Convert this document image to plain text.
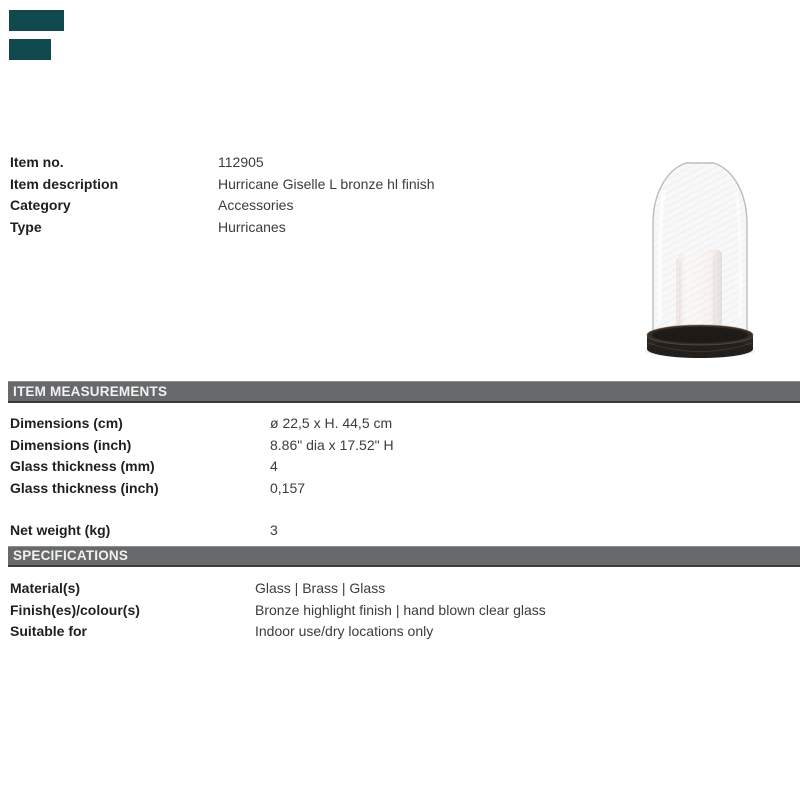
Item no.	112905
Item description	Hurricane Giselle L bronze hl finish
Category	Accessories
Type	Hurricanes
ITEM MEASUREMENTS
Dimensions (cm)	ø 22,5 x H. 44,5 cm
Dimensions (inch)	8.86" dia x 17.52" H
Glass thickness (mm)	4
Glass thickness (inch)	0,157
Net weight (kg)	3
SPECIFICATIONS
Material(s)	Glass | Brass | Glass
Finish(es)/colour(s)	Bronze highlight finish | hand blown clear glass
Suitable for	Indoor use/dry locations only
